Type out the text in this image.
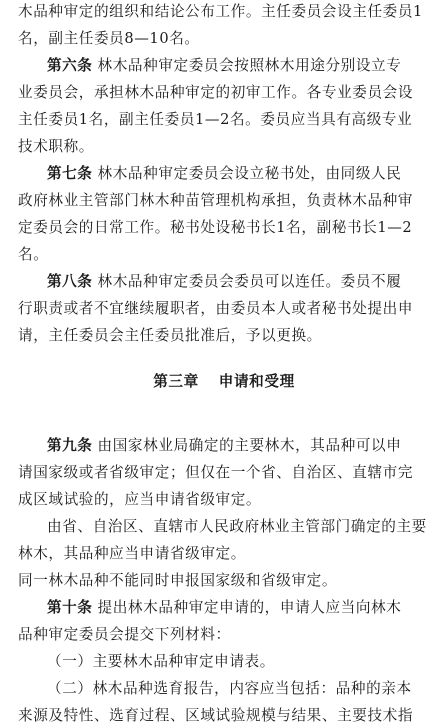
木品种审定的组织和结论公布工作。主任委员会设主任委员1
名，副主任委员8—10名。
第六条 林木品种审定委员会按照林木用途分别设立专
业委员会，承担林木品种审定的初审工作。各专业委员会设
主任委员1名，副主任委员1—2名。委员应当具有高级专业
技术职称。
第七条 林木品种审定委员会设立秘书处，由同级人民
政府林业主管部门林木种苗管理机构承担，负责林木品种审
定委员会的日常工作。秘书处设秘书长1名，副秘书长1—2
名。
第八条 林木品种审定委员会委员可以连任。委员不履
行职责或者不宜继续履职者，由委员本人或者秘书处提出申
请，主任委员会主任委员批准后，予以更换。
第三章 申请和受理
第九条 由国家林业局确定的主要林木，其品种可以申
请国家级或者省级审定；但仅在一个省、自治区、直辖市完
成区域试验的，应当申请省级审定。
由省、自治区、直辖市人民政府林业主管部门确定的主要
林木，其品种应当申请省级审定。
同一林木品种不能同时申报国家级和省级审定。
第十条 提出林木品种审定申请的，申请人应当向林木
品种审定委员会提交下列材料：
（一）主要林木品种审定申请表。
（二）林木品种选育报告，内容应当包括：品种的亲本
来源及特性、选育过程、区域试验规模与结果、主要技术指
